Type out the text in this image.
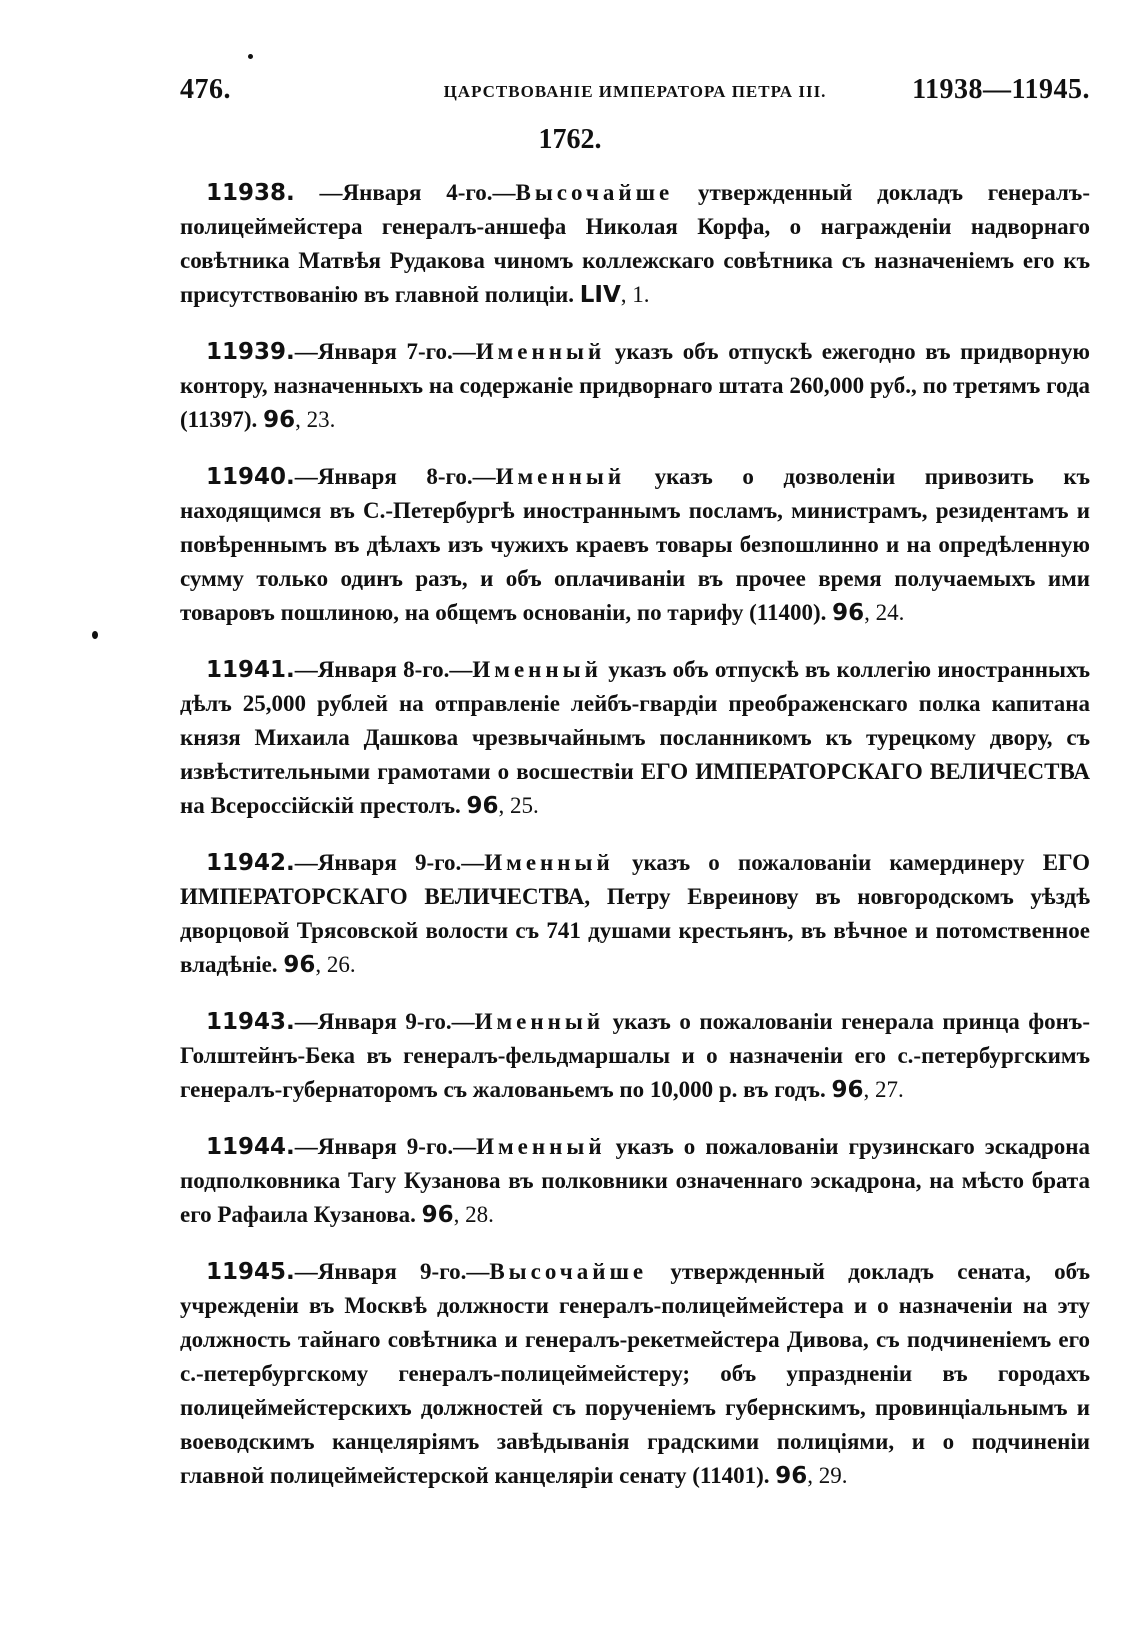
476.	ЦАРСТВОВАНІЕ ИМПЕРАТОРА ПЕТРА III.	11938—11945.
1762.

11938. —Января 4-го.—Высочайше утвержденный докладъ генералъ-полицеймейстера генералъ-аншефа Николая Корфа, о награжденіи надворнаго совѣтника Матвѣя Рудакова чиномъ коллежскаго совѣтника съ назначеніемъ его къ присутствованію въ главной полиціи. LIV, 1.

11939.—Января 7-го.—Именный указъ объ отпускѣ ежегодно въ придворную контору, назначенныхъ на содержаніе придворнаго штата 260,000 руб., по третямъ года (11397). 96, 23.

11940.—Января 8-го.—Именный указъ о дозволеніи привозить къ находящимся въ С.-Петербургѣ иностраннымъ посламъ, министрамъ, резидентамъ и повѣреннымъ въ дѣлахъ изъ чужихъ краевъ товары безпошлинно и на опредѣленную сумму только одинъ разъ, и объ оплачиваніи въ прочее время получаемыхъ ими товаровъ пошлиною, на общемъ основаніи, по тарифу (11400). 96, 24.

11941.—Января 8-го.—Именный указъ объ отпускѣ въ коллегію иностранныхъ дѣлъ 25,000 рублей на отправленіе лейбъ-гвардіи преображенскаго полка капитана князя Михаила Дашкова чрезвычайнымъ посланникомъ къ турецкому двору, съ извѣстительными грамотами о восшествіи ЕГО ИМПЕРАТОРСКАГО ВЕЛИЧЕСТВА на Всероссійскій престолъ. 96, 25.

11942.—Января 9-го.—Именный указъ о пожалованіи камердинеру ЕГО ИМПЕРАТОРСКАГО ВЕЛИЧЕСТВА, Петру Евреинову въ новгородскомъ уѣздѣ дворцовой Трясовской волости съ 741 душами крестьянъ, въ вѣчное и потомственное владѣніе. 96, 26.

11943.—Января 9-го.—Именный указъ о пожалованіи генерала принца фонъ-Голштейнъ-Бека въ генералъ-фельдмаршалы и о назначеніи его с.-петербургскимъ генералъ-губернаторомъ съ жалованьемъ по 10,000 р. въ годъ. 96, 27.

11944.—Января 9-го.—Именный указъ о пожалованіи грузинскаго эскадрона подполковника Тагу Кузанова въ полковники означеннаго эскадрона, на мѣсто брата его Рафаила Кузанова. 96, 28.

11945.—Января 9-го.—Высочайше утвержденный докладъ сената, объ учрежденіи въ Москвѣ должности генералъ-полицеймейстера и о назначеніи на эту должность тайнаго совѣтника и генералъ-рекетмейстера Дивова, съ подчиненіемъ его с.-петербургскому генералъ-полицеймейстеру; объ упраздненіи въ городахъ полицеймейстерскихъ должностей съ порученіемъ губернскимъ, провинціальнымъ и воеводскимъ канцеляріямъ завѣдыванія градскими полиціями, и о подчиненіи главной полицеймейстерской канцеляріи сенату (11401). 96, 29.
